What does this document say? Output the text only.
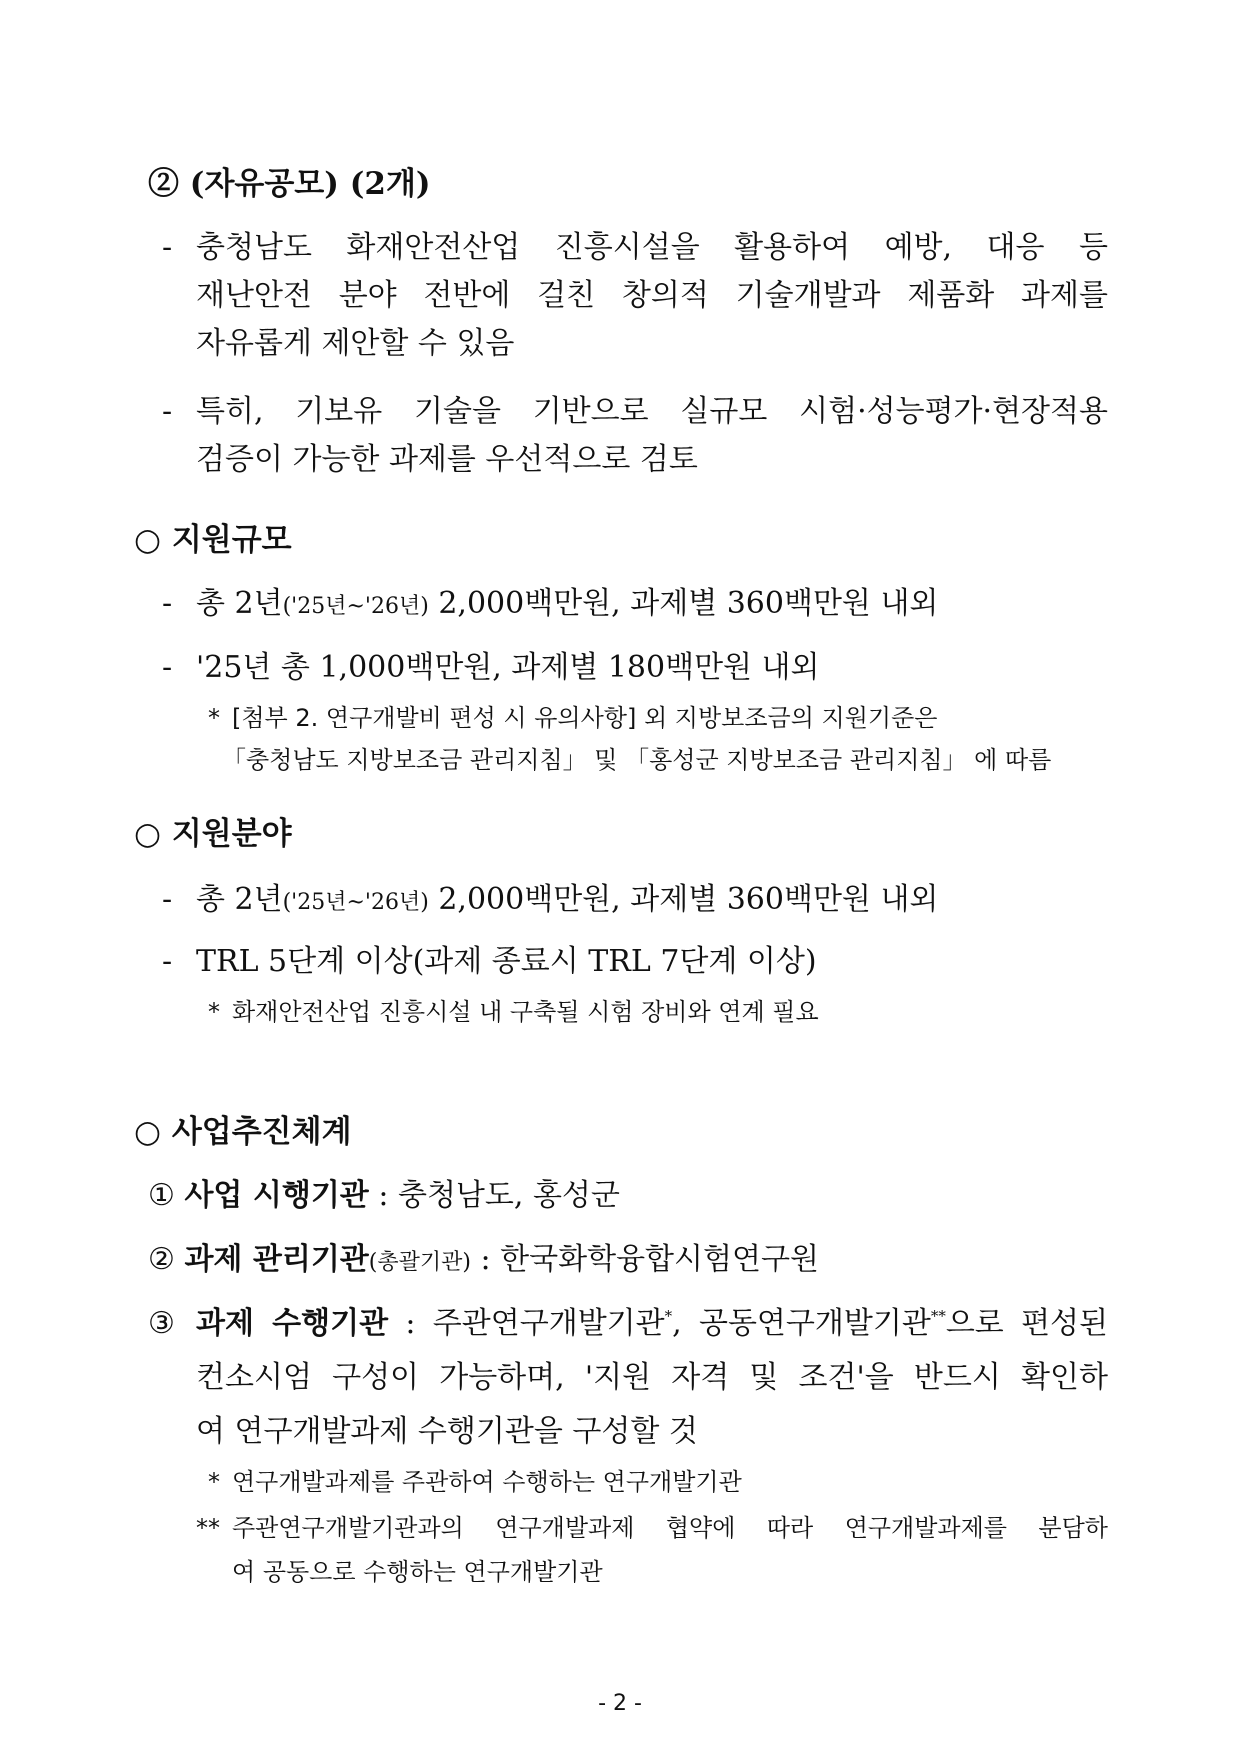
② (자유공모) (2개)
- 충청남도 화재안전산업 진흥시설을 활용하여 예방, 대응 등
재난안전 분야 전반에 걸친 창의적 기술개발과 제품화 과제를
자유롭게 제안할 수 있음
- 특히, 기보유 기술을 기반으로 실규모 시험·성능평가·현장적용
검증이 가능한 과제를 우선적으로 검토
○ 지원규모
- 총 2년('25년~'26년) 2,000백만원, 과제별 360백만원 내외
- '25년 총 1,000백만원, 과제별 180백만원 내외
* [첨부 2. 연구개발비 편성 시 유의사항] 외 지방보조금의 지원기준은
「충청남도 지방보조금 관리지침」 및 「홍성군 지방보조금 관리지침」 에 따름
○ 지원분야
- 총 2년('25년~'26년) 2,000백만원, 과제별 360백만원 내외
- TRL 5단계 이상(과제 종료시 TRL 7단계 이상)
* 화재안전산업 진흥시설 내 구축될 시험 장비와 연계 필요
○ 사업추진체계
① 사업 시행기관 : 충청남도, 홍성군
② 과제 관리기관(총괄기관) : 한국화학융합시험연구원
③ 과제 수행기관 : 주관연구개발기관*, 공동연구개발기관**으로 편성된
컨소시엄 구성이 가능하며, '지원 자격 및 조건'을 반드시 확인하
여 연구개발과제 수행기관을 구성할 것
* 연구개발과제를 주관하여 수행하는 연구개발기관
** 주관연구개발기관과의 연구개발과제 협약에 따라 연구개발과제를 분담하
여 공동으로 수행하는 연구개발기관
- 2 -
